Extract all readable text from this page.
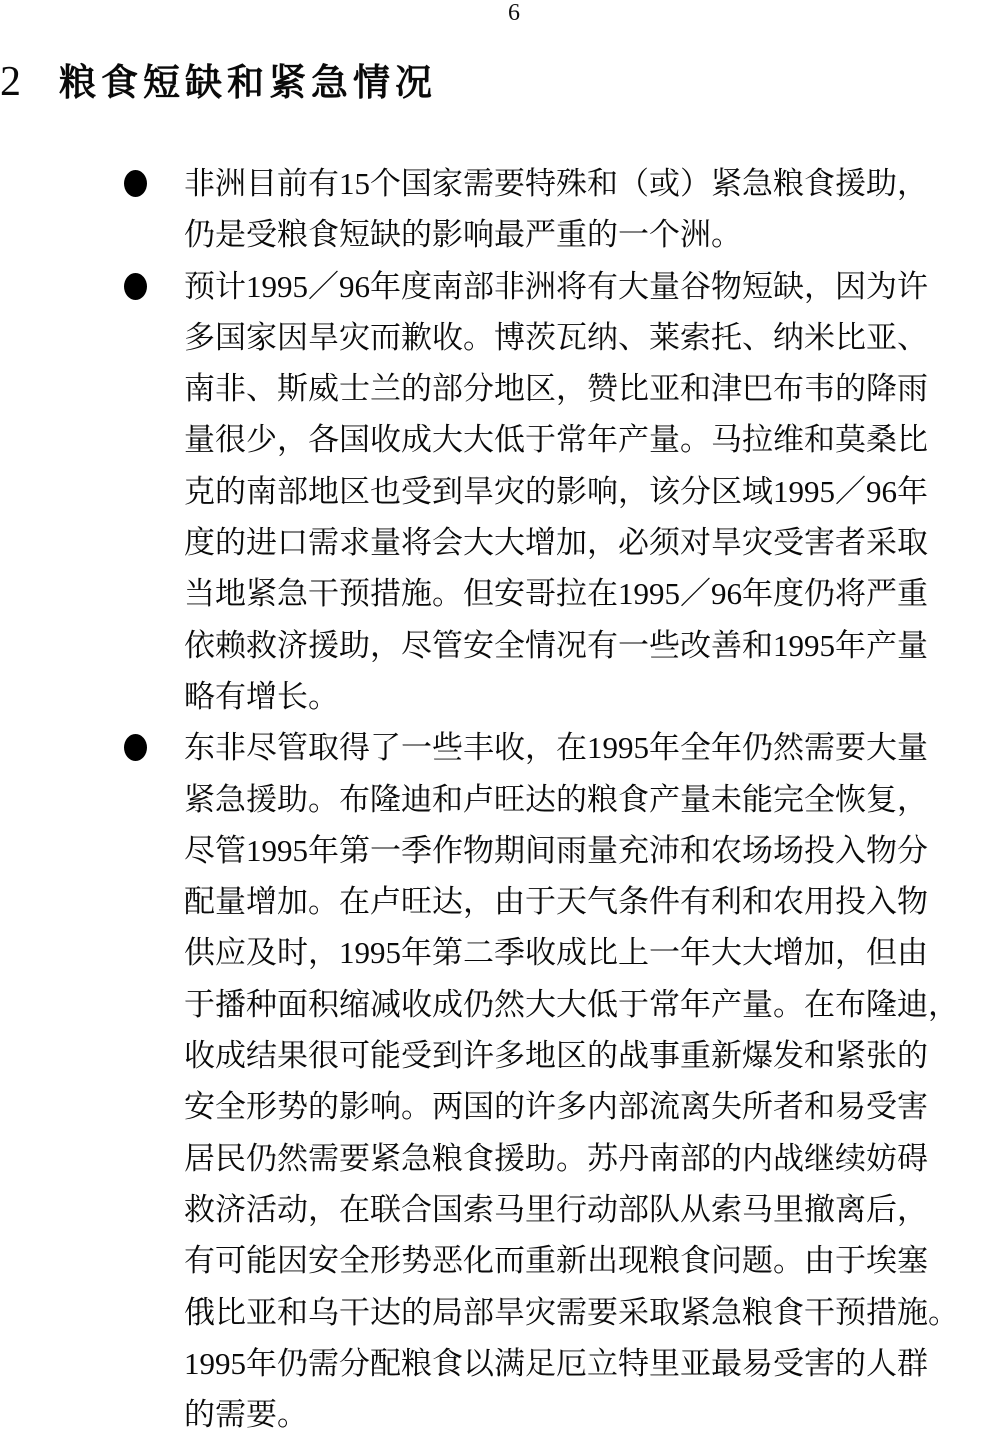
6
2 粮食短缺和紧急情况
非洲目前有15个国家需要特殊和（或）紧急粮食援助，
仍是受粮食短缺的影响最严重的一个洲。
预计1995／96年度南部非洲将有大量谷物短缺，因为许
多国家因旱灾而歉收。博茨瓦纳、莱索托、纳米比亚、
南非、斯威士兰的部分地区，赞比亚和津巴布韦的降雨
量很少，各国收成大大低于常年产量。马拉维和莫桑比
克的南部地区也受到旱灾的影响，该分区域1995／96年
度的进口需求量将会大大增加，必须对旱灾受害者采取
当地紧急干预措施。但安哥拉在1995／96年度仍将严重
依赖救济援助，尽管安全情况有一些改善和1995年产量
略有增长。
东非尽管取得了一些丰收，在1995年全年仍然需要大量
紧急援助。布隆迪和卢旺达的粮食产量未能完全恢复，
尽管1995年第一季作物期间雨量充沛和农场场投入物分
配量增加。在卢旺达，由于天气条件有利和农用投入物
供应及时，1995年第二季收成比上一年大大增加，但由
于播种面积缩减收成仍然大大低于常年产量。在布隆迪，
收成结果很可能受到许多地区的战事重新爆发和紧张的
安全形势的影响。两国的许多内部流离失所者和易受害
居民仍然需要紧急粮食援助。苏丹南部的内战继续妨碍
救济活动，在联合国索马里行动部队从索马里撤离后，
有可能因安全形势恶化而重新出现粮食问题。由于埃塞
俄比亚和乌干达的局部旱灾需要采取紧急粮食干预措施。
1995年仍需分配粮食以满足厄立特里亚最易受害的人群
的需要。
